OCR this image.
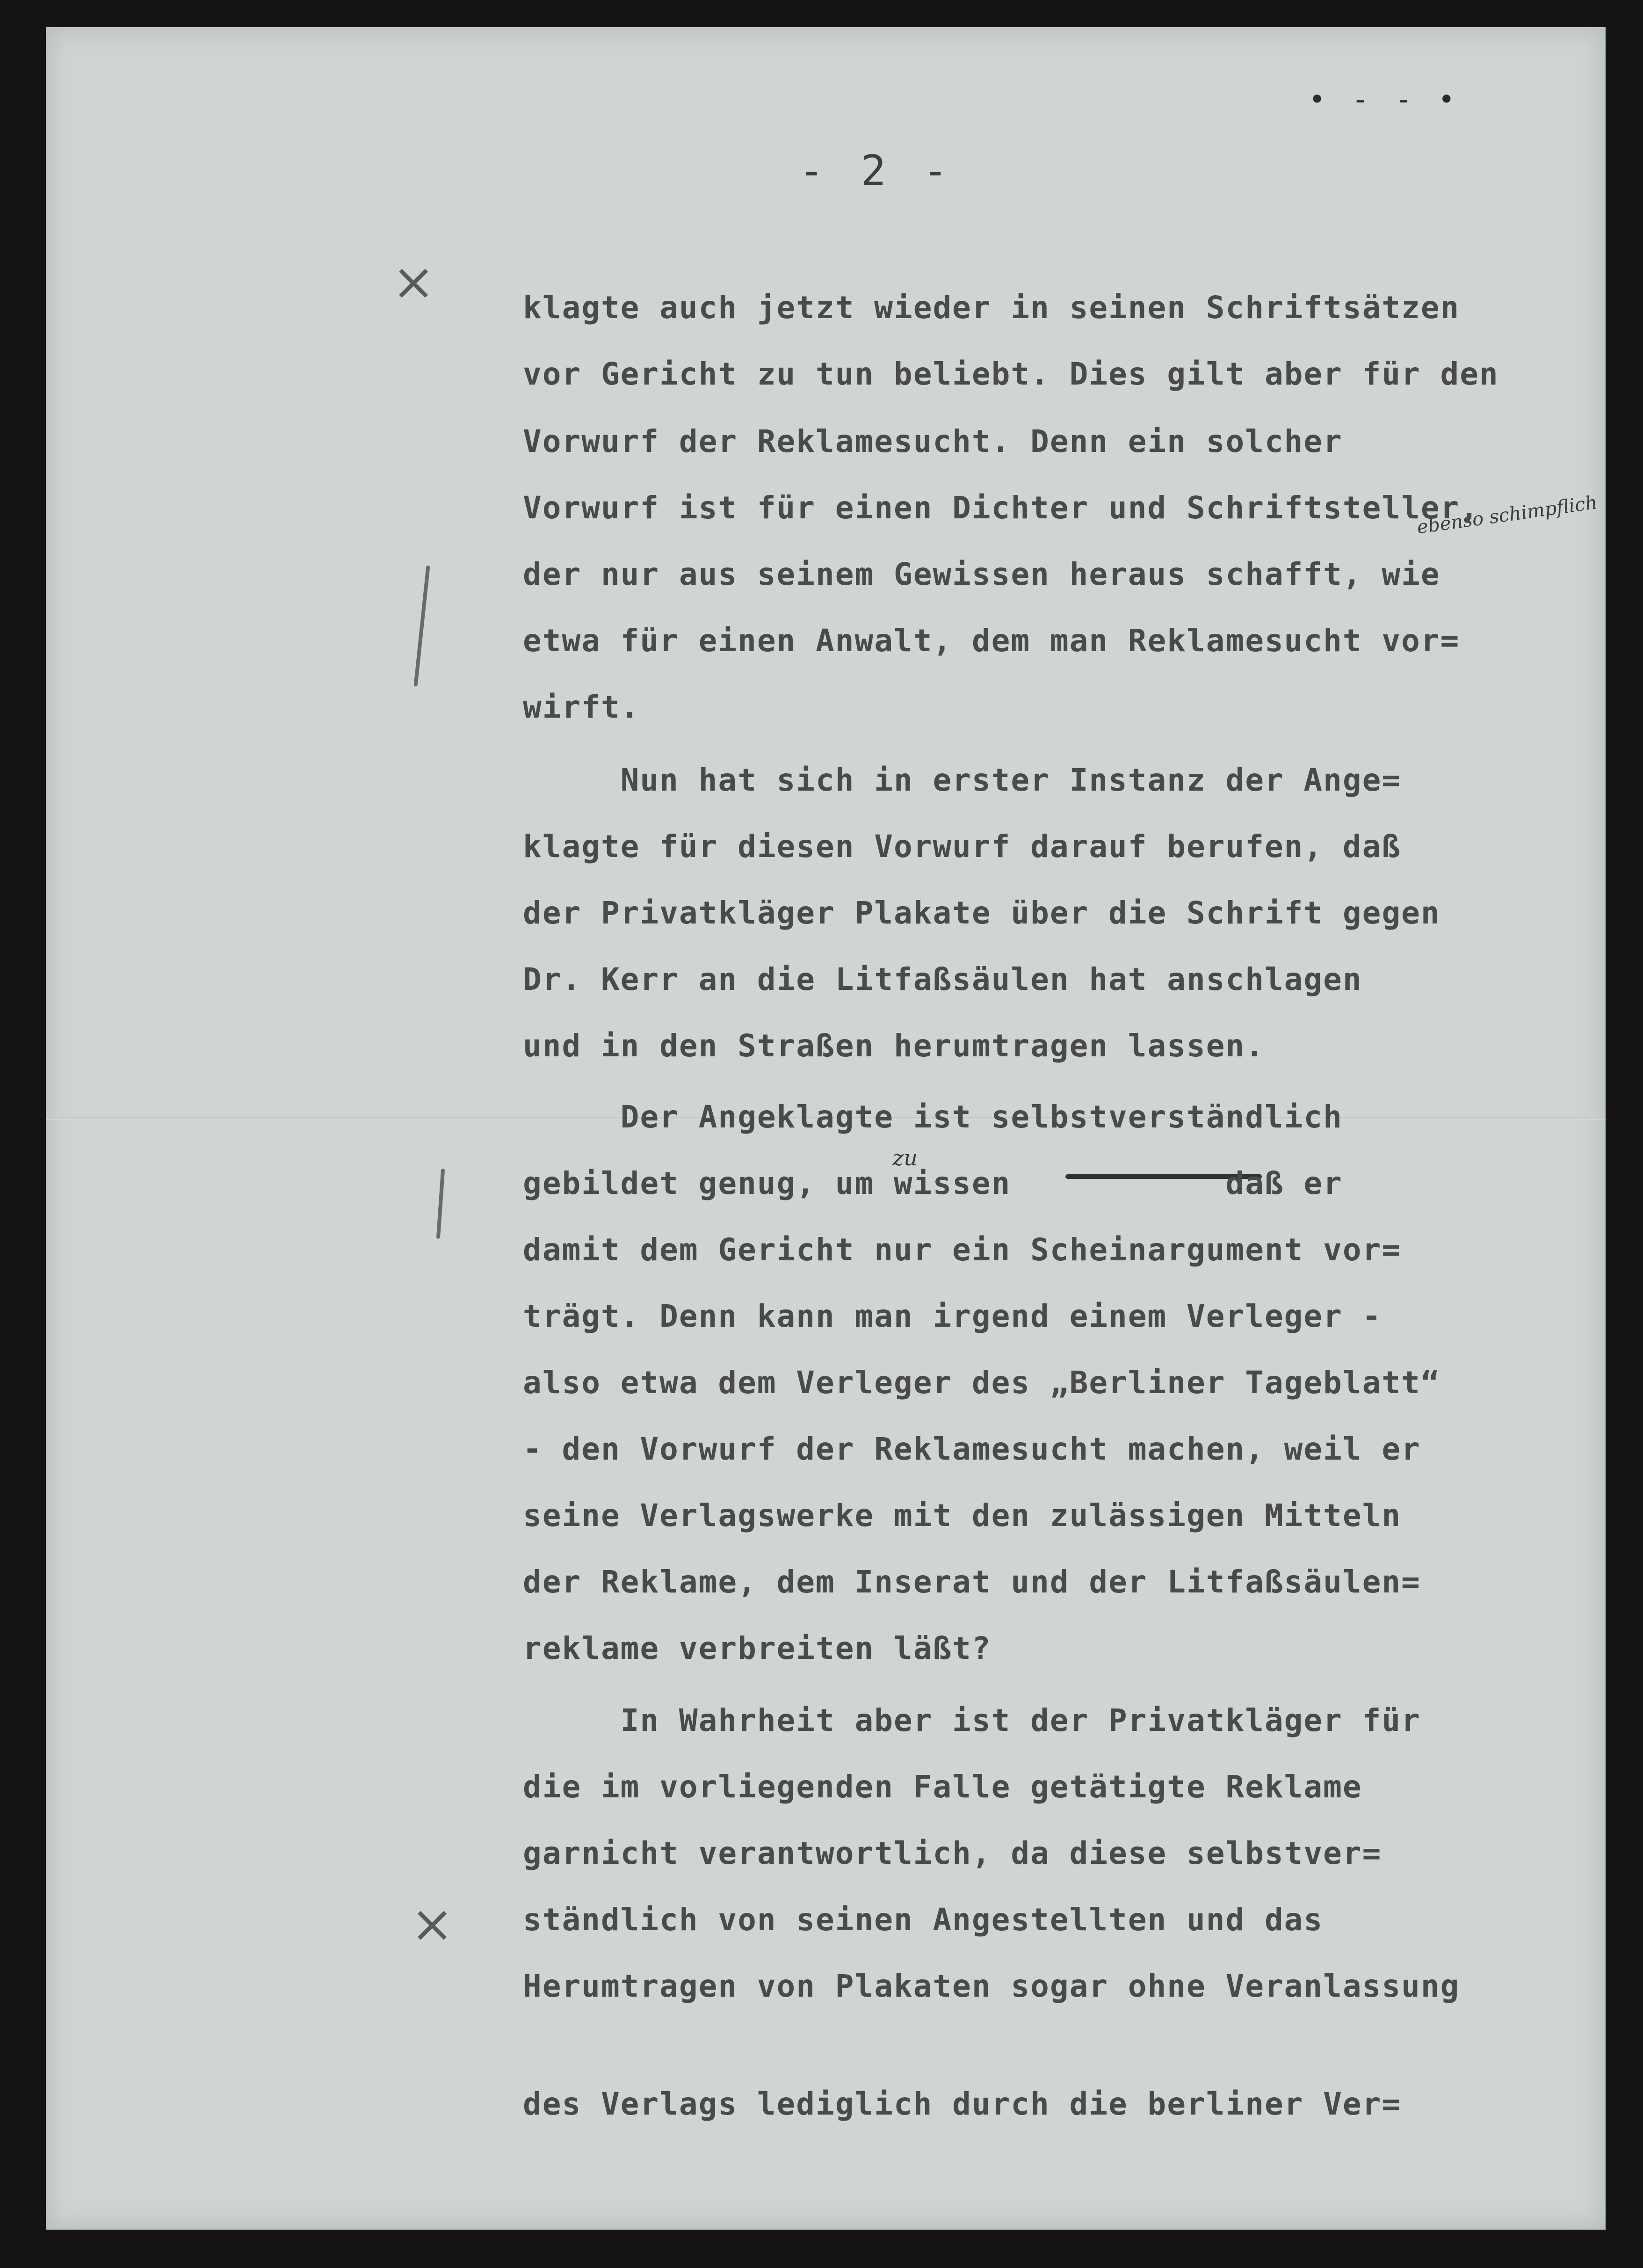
• - - •
- 2 -
×
×
ebenso schimpflich
zu
klagte auch jetzt wieder in seinen Schriftsätzen
vor Gericht zu tun beliebt. Dies gilt aber für den
Vorwurf der Reklamesucht. Denn ein solcher
Vorwurf ist für einen Dichter und Schriftsteller,
der nur aus seinem Gewissen heraus schafft, wie
etwa für einen Anwalt, dem man Reklamesucht vor=
wirft.
Nun hat sich in erster Instanz der Ange=
klagte für diesen Vorwurf darauf berufen, daß
der Privatkläger Plakate über die Schrift gegen
Dr. Kerr an die Litfaßsäulen hat anschlagen
und in den Straßen herumtragen lassen.
Der Angeklagte ist selbstverständlich
gebildet genug, um wissen           daß er
damit dem Gericht nur ein Scheinargument vor=
trägt. Denn kann man irgend einem Verleger -
also etwa dem Verleger des „Berliner Tageblatt“
- den Vorwurf der Reklamesucht machen, weil er
seine Verlagswerke mit den zulässigen Mitteln
der Reklame, dem Inserat und der Litfaßsäulen=
reklame verbreiten läßt?
In Wahrheit aber ist der Privatkläger für
die im vorliegenden Falle getätigte Reklame
garnicht verantwortlich, da diese selbstver=
ständlich von seinen Angestellten und das
Herumtragen von Plakaten sogar ohne Veranlassung
des Verlags lediglich durch die berliner Ver=
